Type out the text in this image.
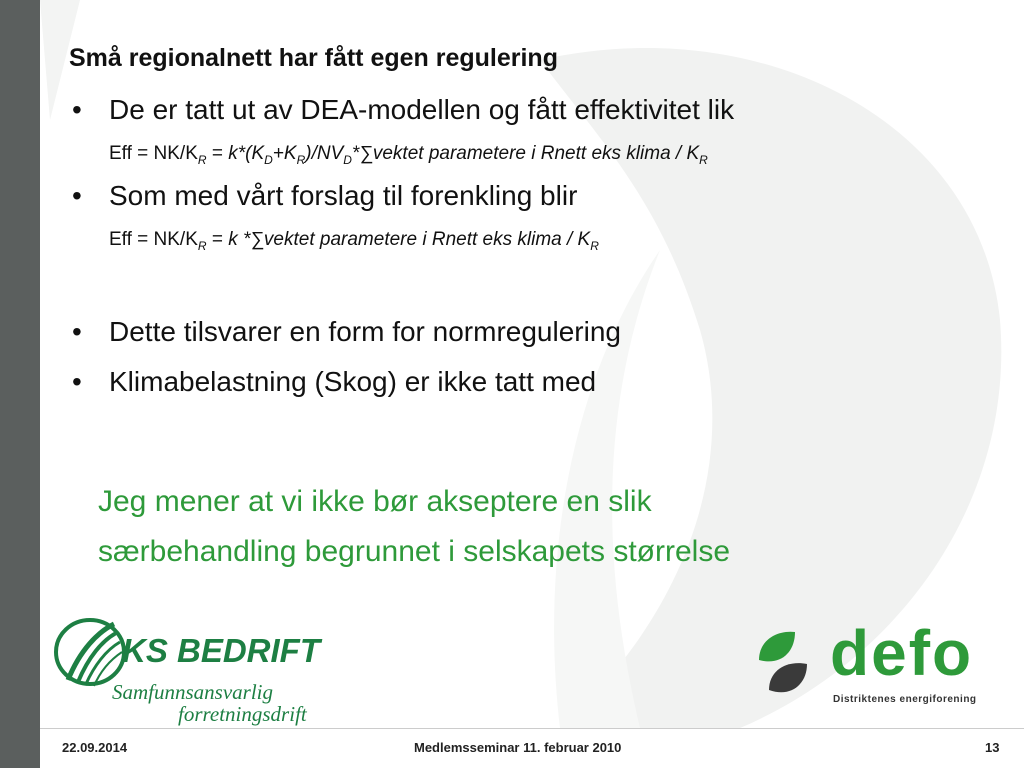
Små regionalnett har fått egen regulering
• De er tatt ut av DEA-modellen og fått effektivitet lik
Eff = $NK/K_R$ = $k*(K_D+K_R)/NV_D*\sum vektet$ parametere i Rnett eks klima / $K_R$
• Som med vårt forslag til forenkling blir
Eff = $NK/K_R = k$ *∑vektet parametere i Rnett eks klima / $K_R$
• Dette tilsvarer en form for normregulering
• Klimabelastning (Skog) er ikke tatt med
Jeg mener at vi ikke bør akseptere en slik
særbehandling begrunnet i selskapets størrelse
KS BEDRIFT
Samfunnsansvarlig
forretningsdrift
defo
Distriktenes energiforening
22.09.2014	Medlemsseminar 11. februar 2010	13
